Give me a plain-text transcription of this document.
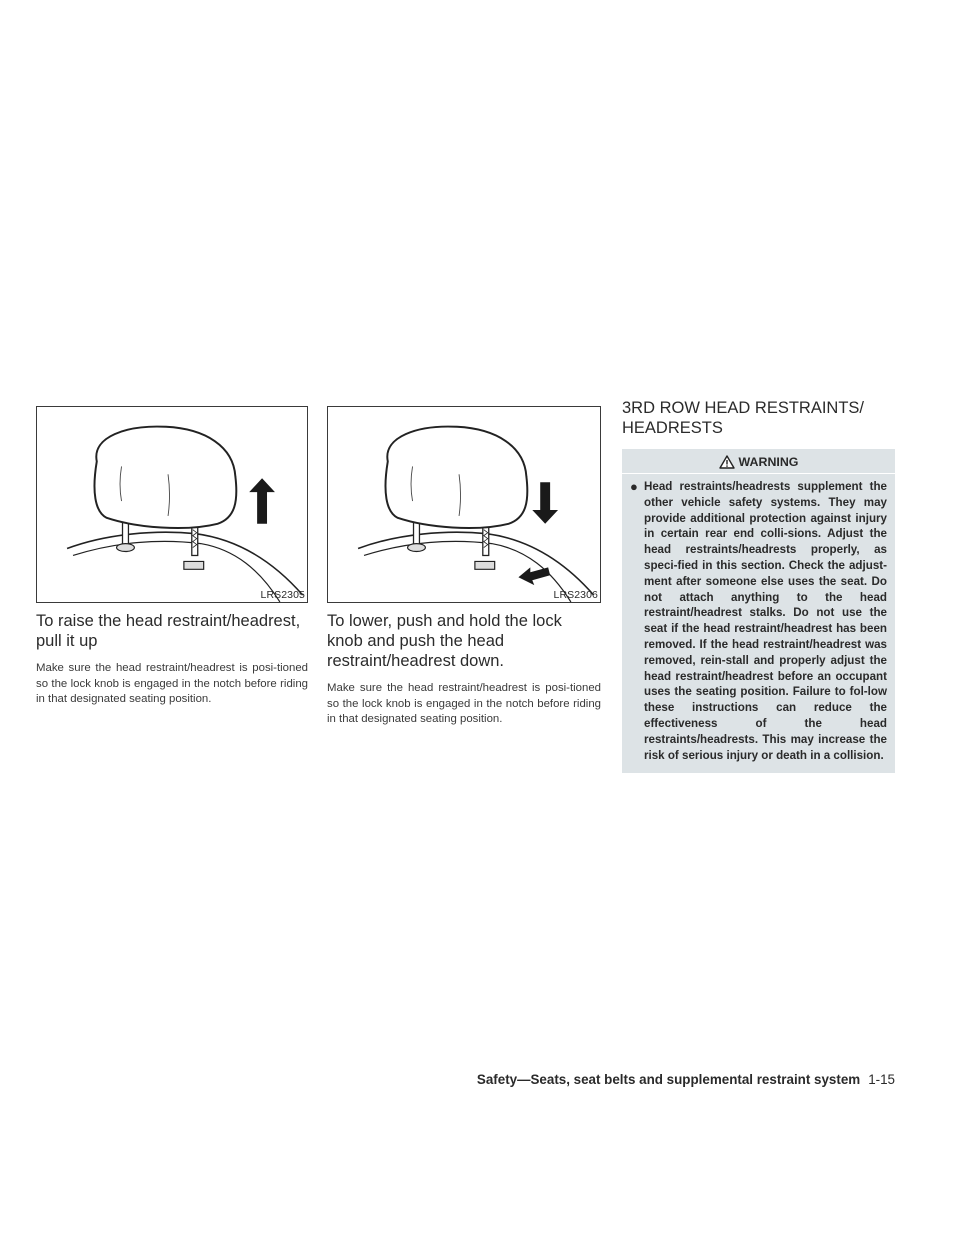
LRS2305
To raise the head restraint/headrest, pull it up

Make sure the head restraint/headrest is posi-tioned so the lock knob is engaged in the notch before riding in that designated seating position.

LRS2306
To lower, push and hold the lock knob and push the head restraint/headrest down.

Make sure the head restraint/headrest is posi-tioned so the lock knob is engaged in the notch before riding in that designated seating position.

3RD ROW HEAD RESTRAINTS/ HEADRESTS
WARNING
● Head restraints/headrests supplement the other vehicle safety systems. They may provide additional protection against injury in certain rear end colli-sions. Adjust the head restraints/headrests properly, as speci-fied in this section. Check the adjust-ment after someone else uses the seat. Do not attach anything to the head restraint/headrest stalks. Do not use the seat if the head restraint/headrest has been removed. If the head restraint/headrest was removed, rein-stall and properly adjust the head restraint/headrest before an occupant uses the seating position. Failure to fol-low these instructions can reduce the effectiveness of the head restraints/headrests. This may increase the risk of serious injury or death in a collision.
Safety—Seats, seat belts and supplemental restraint system 1-15
